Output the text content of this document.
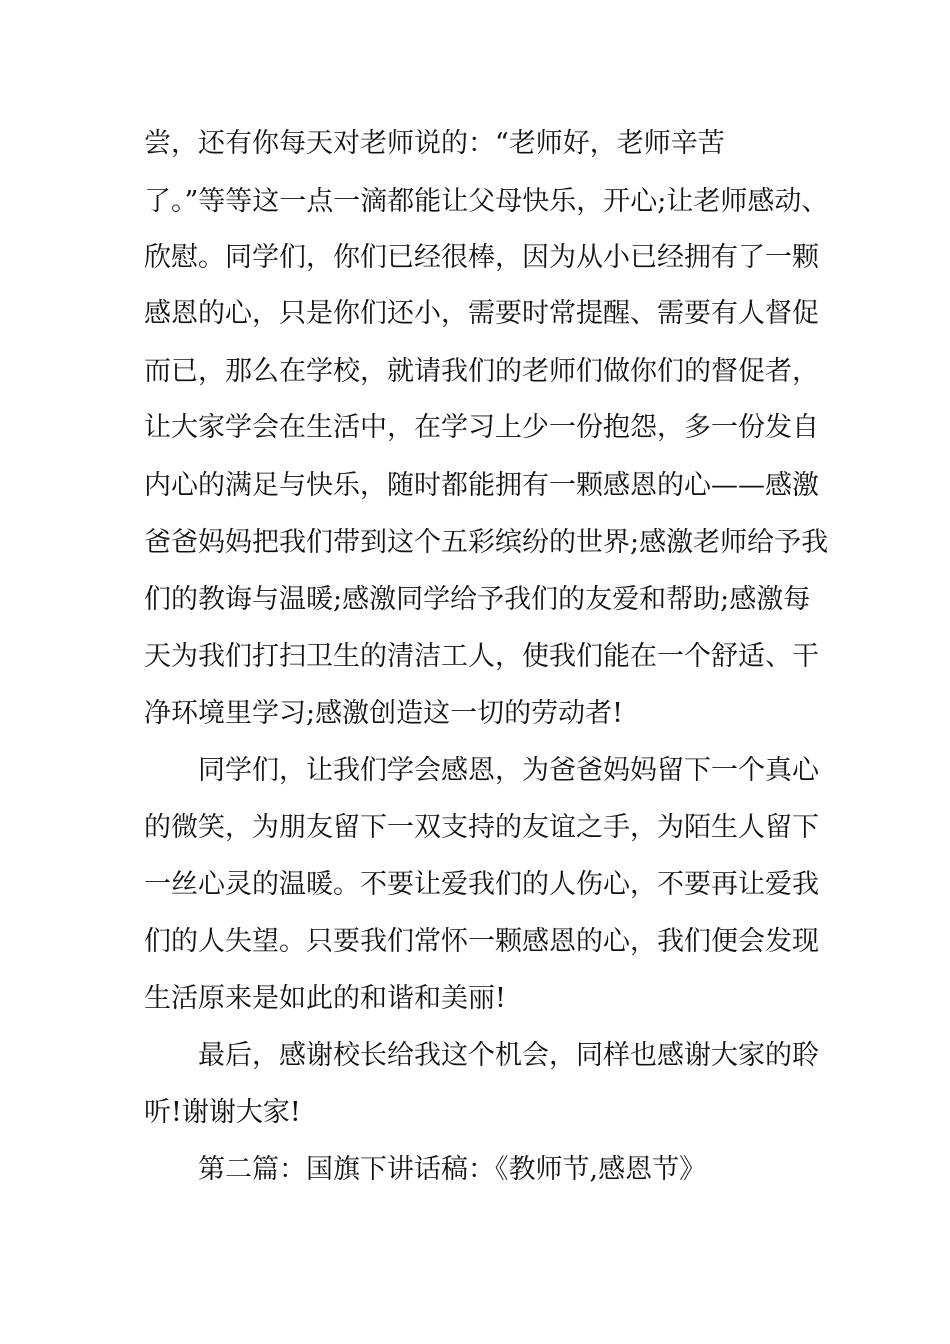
尝，还有你每天对老师说的：“老师好，老师辛苦

了。”等等这一点一滴都能让父母快乐，开心;让老师感动、

欣慰。同学们，你们已经很棒，因为从小已经拥有了一颗

感恩的心，只是你们还小，需要时常提醒、需要有人督促

而已，那么在学校，就请我们的老师们做你们的督促者，

让大家学会在生活中，在学习上少一份抱怨，多一份发自

内心的满足与快乐，随时都能拥有一颗感恩的心——感激

爸爸妈妈把我们带到这个五彩缤纷的世界;感激老师给予我

们的教诲与温暖;感激同学给予我们的友爱和帮助;感激每

天为我们打扫卫生的清洁工人，使我们能在一个舒适、干

净环境里学习;感激创造这一切的劳动者!

同学们，让我们学会感恩，为爸爸妈妈留下一个真心

的微笑，为朋友留下一双支持的友谊之手，为陌生人留下

一丝心灵的温暖。不要让爱我们的人伤心，不要再让爱我

们的人失望。只要我们常怀一颗感恩的心，我们便会发现

生活原来是如此的和谐和美丽!

最后，感谢校长给我这个机会，同样也感谢大家的聆

听!谢谢大家!

第二篇：国旗下讲话稿：《教师节,感恩节》
